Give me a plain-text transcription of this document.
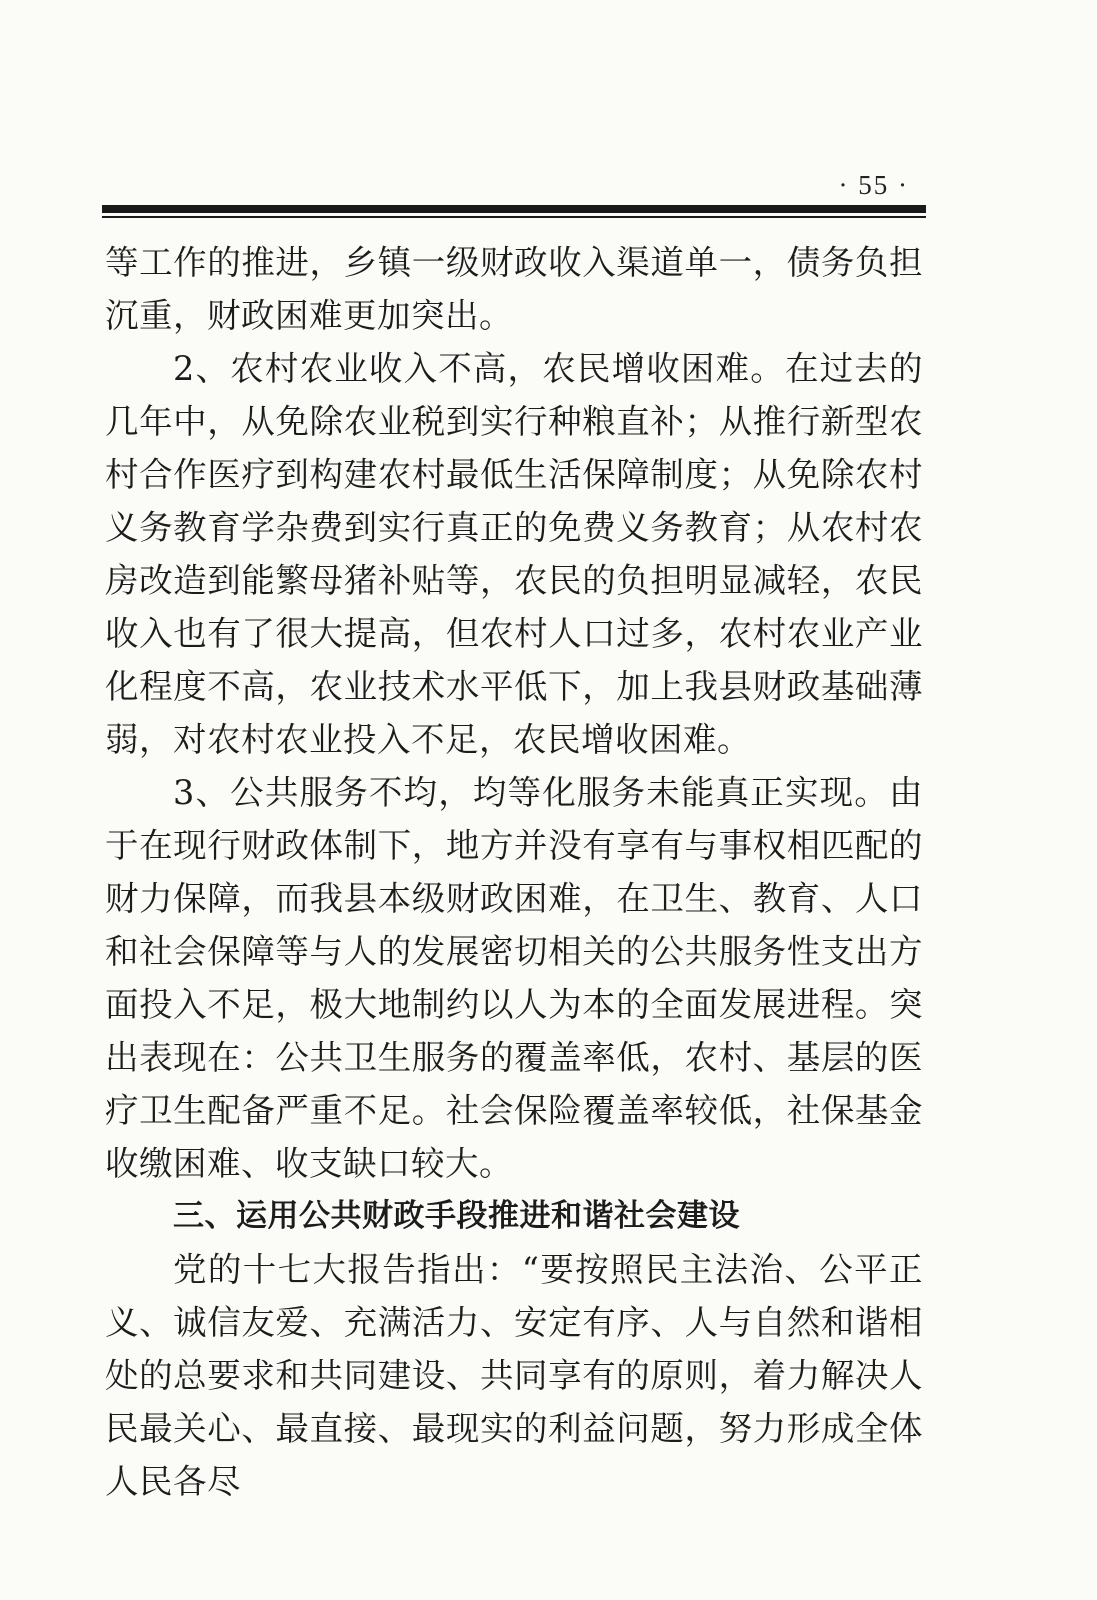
· 55 ·

等工作的推进，乡镇一级财政收入渠道单一，债务负担沉重，财政困难更加突出。

2、农村农业收入不高，农民增收困难。在过去的几年中，从免除农业税到实行种粮直补；从推行新型农村合作医疗到构建农村最低生活保障制度；从免除农村义务教育学杂费到实行真正的免费义务教育；从农村农房改造到能繁母猪补贴等，农民的负担明显减轻，农民收入也有了很大提高，但农村人口过多，农村农业产业化程度不高，农业技术水平低下，加上我县财政基础薄弱，对农村农业投入不足，农民增收困难。

3、公共服务不均，均等化服务未能真正实现。由于在现行财政体制下，地方并没有享有与事权相匹配的财力保障，而我县本级财政困难，在卫生、教育、人口和社会保障等与人的发展密切相关的公共服务性支出方面投入不足，极大地制约以人为本的全面发展进程。突出表现在：公共卫生服务的覆盖率低，农村、基层的医疗卫生配备严重不足。社会保险覆盖率较低，社保基金收缴困难、收支缺口较大。

三、运用公共财政手段推进和谐社会建设

党的十七大报告指出：“要按照民主法治、公平正义、诚信友爱、充满活力、安定有序、人与自然和谐相处的总要求和共同建设、共同享有的原则，着力解决人民最关心、最直接、最现实的利益问题，努力形成全体人民各尽
